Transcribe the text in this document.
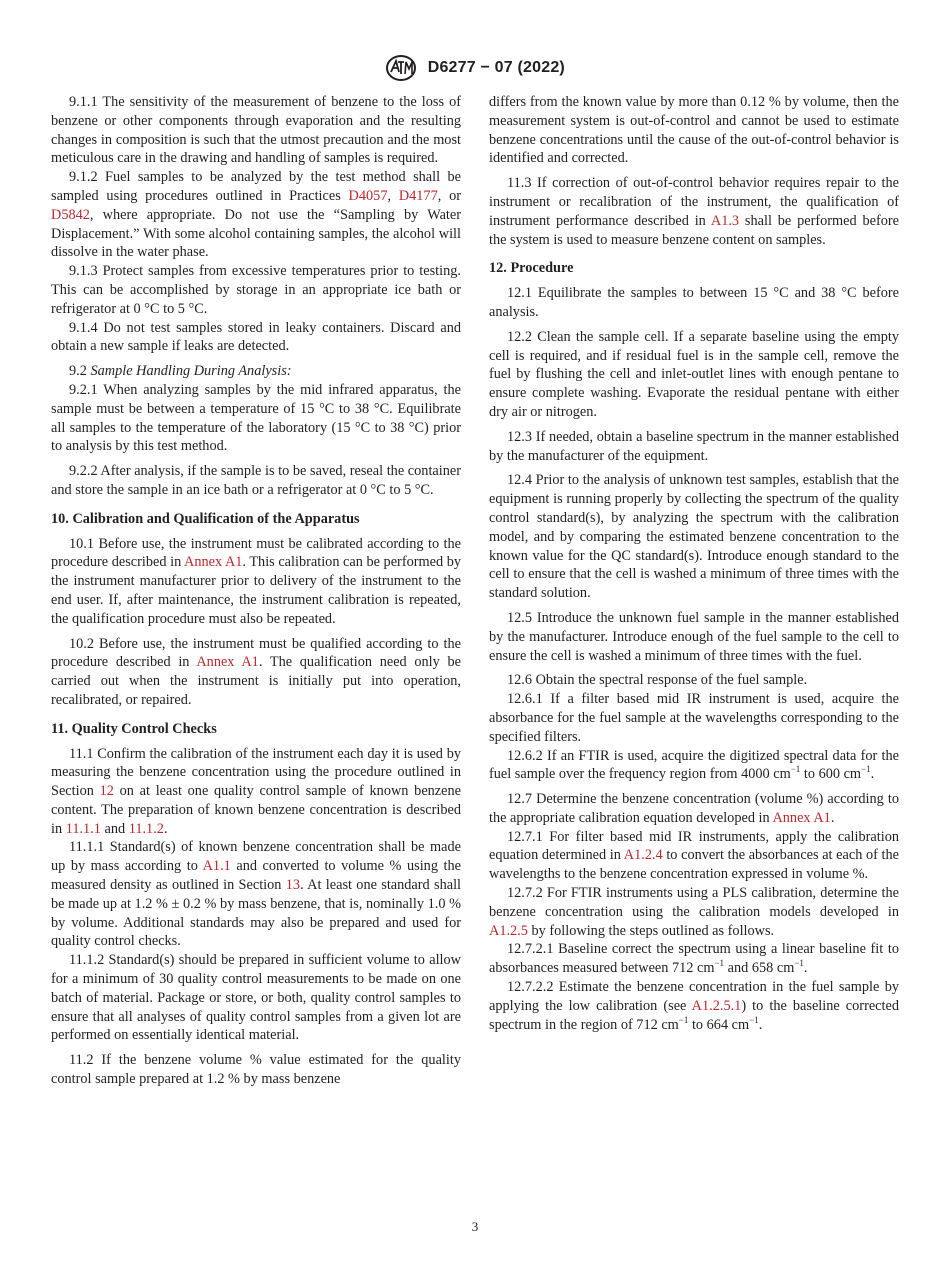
D6277 − 07 (2022)

9.1.1 The sensitivity of the measurement of benzene to the loss of benzene or other components through evaporation and the resulting changes in composition is such that the utmost precaution and the most meticulous care in the drawing and handling of samples is required.

9.1.2 Fuel samples to be analyzed by the test method shall be sampled using procedures outlined in Practices D4057, D4177, or D5842, where appropriate. Do not use the “Sampling by Water Displacement.” With some alcohol containing samples, the alcohol will dissolve in the water phase.

9.1.3 Protect samples from excessive temperatures prior to testing. This can be accomplished by storage in an appropriate ice bath or refrigerator at 0 °C to 5 °C.

9.1.4 Do not test samples stored in leaky containers. Discard and obtain a new sample if leaks are detected.

9.2 Sample Handling During Analysis:

9.2.1 When analyzing samples by the mid infrared apparatus, the sample must be between a temperature of 15 °C to 38 °C. Equilibrate all samples to the temperature of the laboratory (15 °C to 38 °C) prior to analysis by this test method.

9.2.2 After analysis, if the sample is to be saved, reseal the container and store the sample in an ice bath or a refrigerator at 0 °C to 5 °C.

10. Calibration and Qualification of the Apparatus

10.1 Before use, the instrument must be calibrated according to the procedure described in Annex A1. This calibration can be performed by the instrument manufacturer prior to delivery of the instrument to the end user. If, after maintenance, the instrument calibration is repeated, the qualification procedure must also be repeated.

10.2 Before use, the instrument must be qualified according to the procedure described in Annex A1. The qualification need only be carried out when the instrument is initially put into operation, recalibrated, or repaired.

11. Quality Control Checks

11.1 Confirm the calibration of the instrument each day it is used by measuring the benzene concentration using the procedure outlined in Section 12 on at least one quality control sample of known benzene content. The preparation of known benzene concentration is described in 11.1.1 and 11.1.2.

11.1.1 Standard(s) of known benzene concentration shall be made up by mass according to A1.1 and converted to volume % using the measured density as outlined in Section 13. At least one standard shall be made up at 1.2 % ± 0.2 % by mass benzene, that is, nominally 1.0 % by volume. Additional standards may also be prepared and used for quality control checks.

11.1.2 Standard(s) should be prepared in sufficient volume to allow for a minimum of 30 quality control measurements to be made on one batch of material. Package or store, or both, quality control samples to ensure that all analyses of quality control samples from a given lot are performed on essentially identical material.

11.2 If the benzene volume % value estimated for the quality control sample prepared at 1.2 % by mass benzene

differs from the known value by more than 0.12 % by volume, then the measurement system is out-of-control and cannot be used to estimate benzene concentrations until the cause of the out-of-control behavior is identified and corrected.

11.3 If correction of out-of-control behavior requires repair to the instrument or recalibration of the instrument, the qualification of instrument performance described in A1.3 shall be performed before the system is used to measure benzene content on samples.

12. Procedure

12.1 Equilibrate the samples to between 15 °C and 38 °C before analysis.

12.2 Clean the sample cell. If a separate baseline using the empty cell is required, and if residual fuel is in the sample cell, remove the fuel by flushing the cell and inlet-outlet lines with enough pentane to ensure complete washing. Evaporate the residual pentane with either dry air or nitrogen.

12.3 If needed, obtain a baseline spectrum in the manner established by the manufacturer of the equipment.

12.4 Prior to the analysis of unknown test samples, establish that the equipment is running properly by collecting the spectrum of the quality control standard(s), by analyzing the spectrum with the calibration model, and by comparing the estimated benzene concentration to the known value for the QC standard(s). Introduce enough standard to the cell to ensure that the cell is washed a minimum of three times with the standard solution.

12.5 Introduce the unknown fuel sample in the manner established by the manufacturer. Introduce enough of the fuel sample to the cell to ensure the cell is washed a minimum of three times with the fuel.

12.6 Obtain the spectral response of the fuel sample.

12.6.1 If a filter based mid IR instrument is used, acquire the absorbance for the fuel sample at the wavelengths corresponding to the specified filters.

12.6.2 If an FTIR is used, acquire the digitized spectral data for the fuel sample over the frequency region from 4000 $cm^{-1}$ to 600 $cm^{-1}$.

12.7 Determine the benzene concentration (volume %) according to the appropriate calibration equation developed in Annex A1.

12.7.1 For filter based mid IR instruments, apply the calibration equation determined in A1.2.4 to convert the absorbances at each of the wavelengths to the benzene concentration expressed in volume %.

12.7.2 For FTIR instruments using a PLS calibration, determine the benzene concentration using the calibration models developed in A1.2.5 by following the steps outlined as follows.

12.7.2.1 Baseline correct the spectrum using a linear baseline fit to absorbances measured between 712 $cm^{-1}$ and 658 $cm^{-1}$.

12.7.2.2 Estimate the benzene concentration in the fuel sample by applying the low calibration (see A1.2.5.1) to the baseline corrected spectrum in the region of 712 $cm^{-1}$ to 664 $cm^{-1}$.

3
